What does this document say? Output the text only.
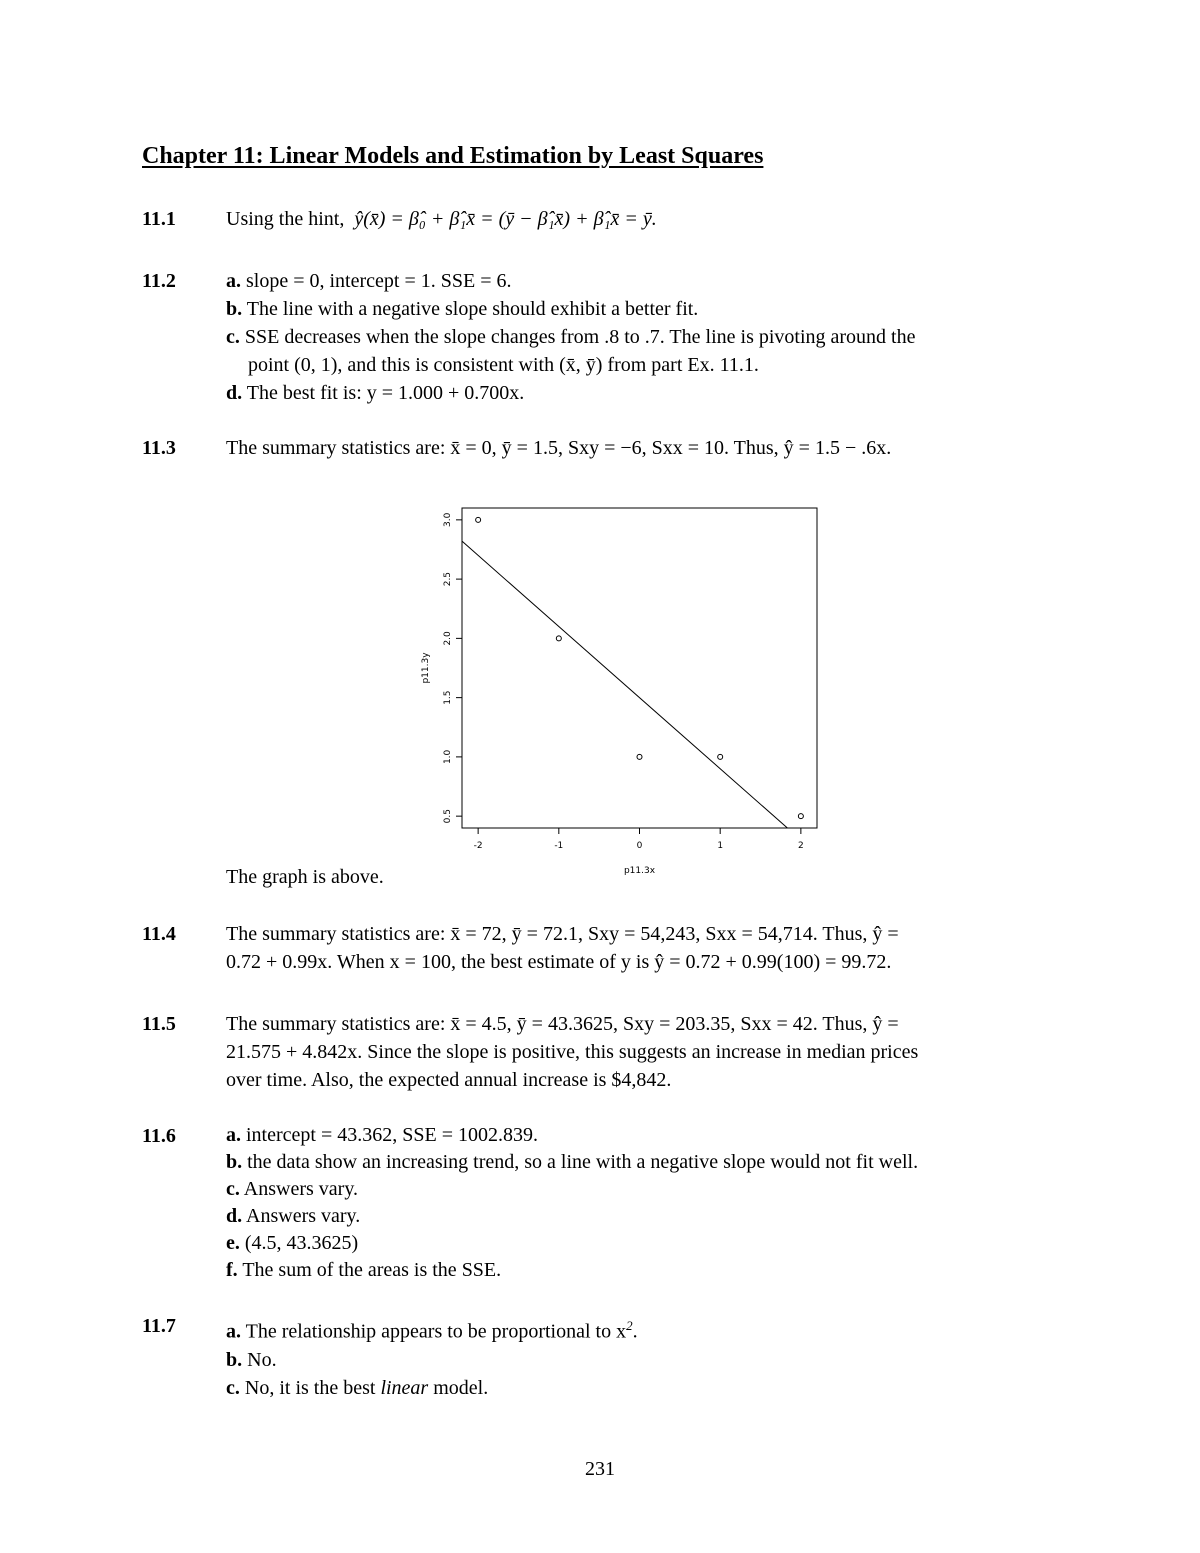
Chapter 11: Linear Models and Estimation by Least Squares
11.1	Using the hint, ŷ(x̄) = β̂₀ + β̂₁x̄ = (ȳ − β̂₁x̄) + β̂₁x̄ = ȳ.
11.2	a. slope = 0, intercept = 1. SSE = 6.
b. The line with a negative slope should exhibit a better fit.
c. SSE decreases when the slope changes from .8 to .7. The line is pivoting around the
point (0, 1), and this is consistent with (x̄, ȳ) from part Ex. 11.1.
d. The best fit is: y = 1.000 + 0.700x.
11.3	The summary statistics are: x̄ = 0, ȳ = 1.5, Sxy = −6, Sxx = 10. Thus, ŷ = 1.5 − .6x.
-2	-1	0	1	2
0.5
1.0
1.5
2.0
2.5
3.0
p11.3x
p11.3y
The graph is above.
11.4	The summary statistics are: x̄ = 72, ȳ = 72.1, Sxy = 54,243, Sxx = 54,714. Thus, ŷ =
0.72 + 0.99x. When x = 100, the best estimate of y is ŷ = 0.72 + 0.99(100) = 99.72.
11.5	The summary statistics are: x̄ = 4.5, ȳ = 43.3625, Sxy = 203.35, Sxx = 42. Thus, ŷ =
21.575 + 4.842x. Since the slope is positive, this suggests an increase in median prices
over time. Also, the expected annual increase is $4,842.
11.6	a. intercept = 43.362, SSE = 1002.839.
b. the data show an increasing trend, so a line with a negative slope would not fit well.
c. Answers vary.
d. Answers vary.
e. (4.5, 43.3625)
f. The sum of the areas is the SSE.
11.7	a. The relationship appears to be proportional to $x^2$.
b. No.
c. No, it is the best linear model.
231
